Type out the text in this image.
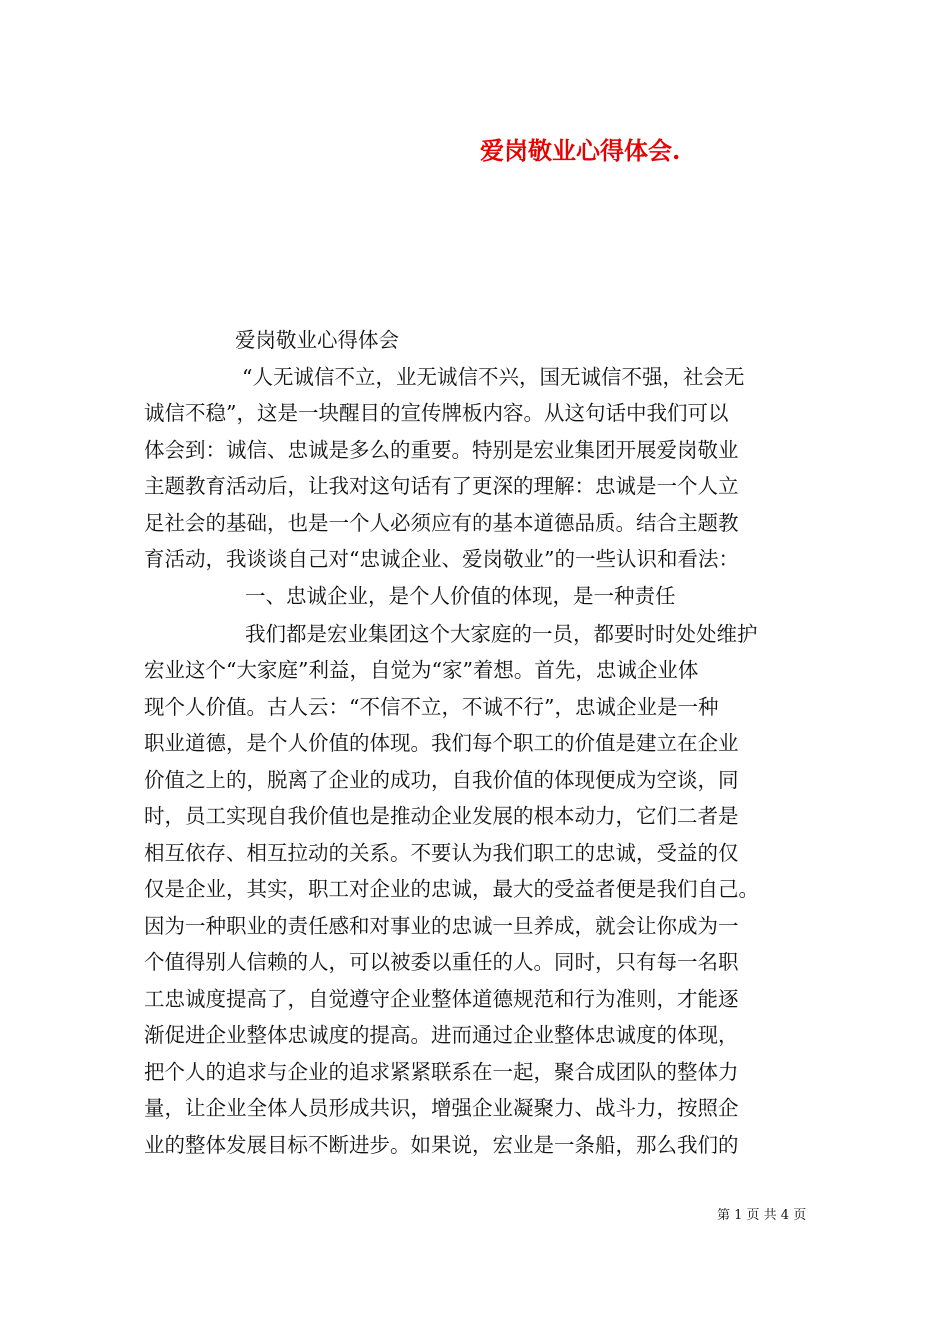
爱岗敬业心得体会.
爱岗敬业心得体会
“人无诚信不立，业无诚信不兴，国无诚信不强，社会无
诚信不稳”，这是一块醒目的宣传牌板内容。从这句话中我们可以
体会到：诚信、忠诚是多么的重要。特别是宏业集团开展爱岗敬业
主题教育活动后，让我对这句话有了更深的理解：忠诚是一个人立
足社会的基础，也是一个人必须应有的基本道德品质。结合主题教
育活动，我谈谈自己对“忠诚企业、爱岗敬业”的一些认识和看法：
一、忠诚企业，是个人价值的体现，是一种责任
我们都是宏业集团这个大家庭的一员，都要时时处处维护
宏业这个“大家庭”利益，自觉为“家”着想。首先，忠诚企业体
现个人价值。古人云：“不信不立，不诚不行”，忠诚企业是一种
职业道德，是个人价值的体现。我们每个职工的价值是建立在企业
价值之上的，脱离了企业的成功，自我价值的体现便成为空谈，同
时，员工实现自我价值也是推动企业发展的根本动力，它们二者是
相互依存、相互拉动的关系。不要认为我们职工的忠诚，受益的仅
仅是企业，其实，职工对企业的忠诚，最大的受益者便是我们自己。
因为一种职业的责任感和对事业的忠诚一旦养成，就会让你成为一
个值得别人信赖的人，可以被委以重任的人。同时，只有每一名职
工忠诚度提高了，自觉遵守企业整体道德规范和行为准则，才能逐
渐促进企业整体忠诚度的提高。进而通过企业整体忠诚度的体现，
把个人的追求与企业的追求紧紧联系在一起，聚合成团队的整体力
量，让企业全体人员形成共识，增强企业凝聚力、战斗力，按照企
业的整体发展目标不断进步。如果说，宏业是一条船，那么我们的
第 1 页 共 4 页
